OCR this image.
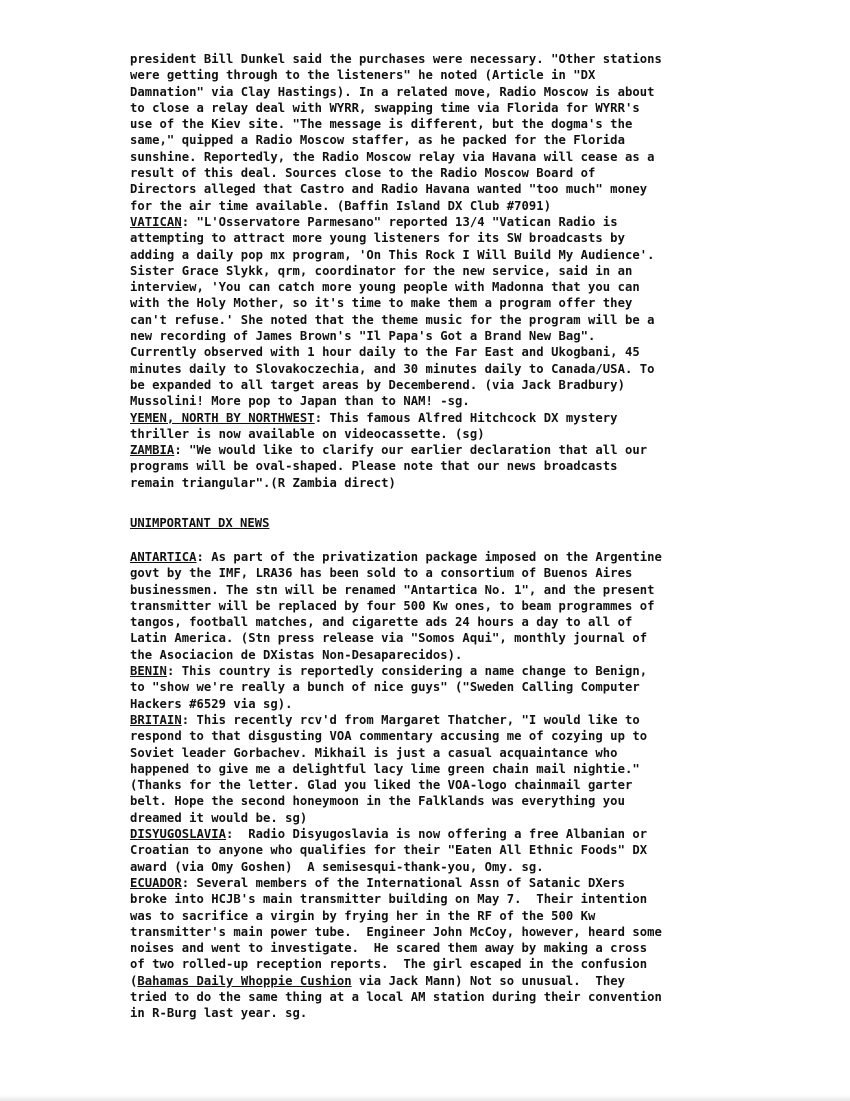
president Bill Dunkel said the purchases were necessary. "Other stations
were getting through to the listeners" he noted (Article in "DX
Damnation" via Clay Hastings). In a related move, Radio Moscow is about
to close a relay deal with WYRR, swapping time via Florida for WYRR's
use of the Kiev site. "The message is different, but the dogma's the
same," quipped a Radio Moscow staffer, as he packed for the Florida
sunshine. Reportedly, the Radio Moscow relay via Havana will cease as a
result of this deal. Sources close to the Radio Moscow Board of
Directors alleged that Castro and Radio Havana wanted "too much" money
for the air time available. (Baffin Island DX Club #7091)
VATICAN: "L'Osservatore Parmesano" reported 13/4 "Vatican Radio is
attempting to attract more young listeners for its SW broadcasts by
adding a daily pop mx program, 'On This Rock I Will Build My Audience'.
Sister Grace Slykk, qrm, coordinator for the new service, said in an
interview, 'You can catch more young people with Madonna that you can
with the Holy Mother, so it's time to make them a program offer they
can't refuse.' She noted that the theme music for the program will be a
new recording of James Brown's "Il Papa's Got a Brand New Bag".
Currently observed with 1 hour daily to the Far East and Ukogbani, 45
minutes daily to Slovakoczechia, and 30 minutes daily to Canada/USA. To
be expanded to all target areas by Decemberend. (via Jack Bradbury)
Mussolini! More pop to Japan than to NAM! -sg.
YEMEN, NORTH BY NORTHWEST: This famous Alfred Hitchcock DX mystery
thriller is now available on videocassette. (sg)
ZAMBIA: "We would like to clarify our earlier declaration that all our
programs will be oval-shaped. Please note that our news broadcasts
remain triangular".(R Zambia direct)
UNIMPORTANT DX NEWS
ANTARTICA: As part of the privatization package imposed on the Argentine
govt by the IMF, LRA36 has been sold to a consortium of Buenos Aires
businessmen. The stn will be renamed "Antartica No. 1", and the present
transmitter will be replaced by four 500 Kw ones, to beam programmes of
tangos, football matches, and cigarette ads 24 hours a day to all of
Latin America. (Stn press release via "Somos Aqui", monthly journal of
the Asociacion de DXistas Non-Desaparecidos).
BENIN: This country is reportedly considering a name change to Benign,
to "show we're really a bunch of nice guys" ("Sweden Calling Computer
Hackers #6529 via sg).
BRITAIN: This recently rcv'd from Margaret Thatcher, "I would like to
respond to that disgusting VOA commentary accusing me of cozying up to
Soviet leader Gorbachev. Mikhail is just a casual acquaintance who
happened to give me a delightful lacy lime green chain mail nightie."
(Thanks for the letter. Glad you liked the VOA-logo chainmail garter
belt. Hope the second honeymoon in the Falklands was everything you
dreamed it would be. sg)
DISYUGOSLAVIA:  Radio Disyugoslavia is now offering a free Albanian or
Croatian to anyone who qualifies for their "Eaten All Ethnic Foods" DX
award (via Omy Goshen)  A semisesqui-thank-you, Omy. sg.
ECUADOR: Several members of the International Assn of Satanic DXers
broke into HCJB's main transmitter building on May 7.  Their intention
was to sacrifice a virgin by frying her in the RF of the 500 Kw
transmitter's main power tube.  Engineer John McCoy, however, heard some
noises and went to investigate.  He scared them away by making a cross
of two rolled-up reception reports.  The girl escaped in the confusion
(Bahamas Daily Whoppie Cushion via Jack Mann) Not so unusual.  They
tried to do the same thing at a local AM station during their convention
in R-Burg last year. sg.
